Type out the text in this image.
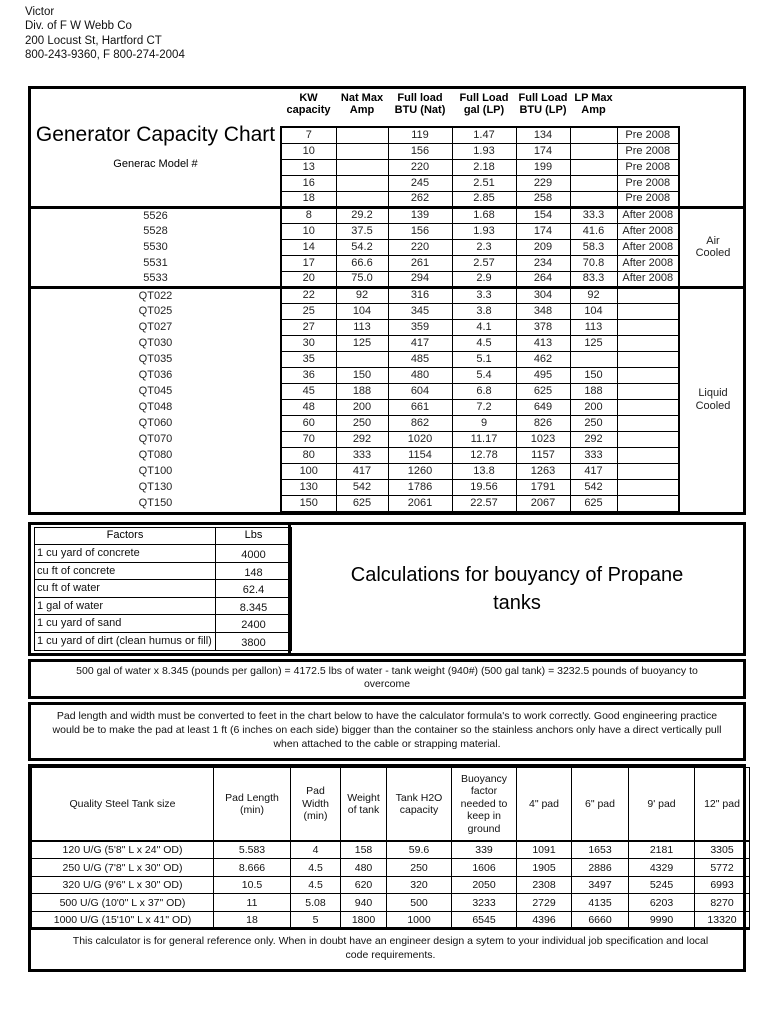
Victor
Div. of F W Webb Co
200 Locust St, Hartford CT
800-243-9360, F 800-274-2004
Generator Capacity Chart
Generac Model #	KW capacity	Nat Max Amp	Full load BTU (Nat)	Full Load gal (LP)	Full Load BTU (LP)	LP Max Amp		
	7		119	1.47	134		Pre 2008	
	10		156	1.93	174		Pre 2008	
	13		220	2.18	199		Pre 2008	
	16		245	2.51	229		Pre 2008	
	18		262	2.85	258		Pre 2008	
5526	8	29.2	139	1.68	154	33.3	After 2008	Air Cooled
5528	10	37.5	156	1.93	174	41.6	After 2008	
5530	14	54.2	220	2.3	209	58.3	After 2008	
5531	17	66.6	261	2.57	234	70.8	After 2008	
5533	20	75.0	294	2.9	264	83.3	After 2008	
QT022	22	92	316	3.3	304	92		Liquid Cooled
QT025	25	104	345	3.8	348	104		
QT027	27	113	359	4.1	378	113		
QT030	30	125	417	4.5	413	125		
QT035	35		485	5.1	462			
QT036	36	150	480	5.4	495	150		
QT045	45	188	604	6.8	625	188		
QT048	48	200	661	7.2	649	200		
QT060	60	250	862	9	826	250		
QT070	70	292	1020	11.17	1023	292		
QT080	80	333	1154	12.78	1157	333		
QT100	100	417	1260	13.8	1263	417		
QT130	130	542	1786	19.56	1791	542		
QT150	150	625	2061	22.57	2067	625		
Factors	Lbs
1 cu yard of concrete	4000
cu ft of concrete	148
cu ft of water	62.4
1 gal of water	8.345
1 cu yard of sand	2400
1 cu yard of dirt (clean humus or fill)	3800
Calculations for bouyancy of Propane tanks
500 gal of water x 8.345 (pounds per gallon) = 4172.5 lbs of water - tank weight (940#) (500 gal tank) = 3232.5 pounds of buoyancy to overcome
Pad length and width must be converted to feet in the chart below to have the calculator formula's to work correctly. Good engineering practice would be to make the pad at least 1 ft (6 inches on each side) bigger than the container so the stainless anchors only have a direct vertically pull when attached to the cable or strapping material.
Quality Steel Tank size	Pad Length (min)	Pad Width (min)	Weight of tank	Tank H2O capacity	Buoyancy factor needed to keep in ground	4" pad	6" pad	9' pad	12" pad
120 U/G (5'8" L x 24" OD)	5.583	4	158	59.6	339	1091	1653	2181	3305
250 U/G (7'8" L x 30" OD)	8.666	4.5	480	250	1606	1905	2886	4329	5772
320 U/G (9'6" L x 30" OD)	10.5	4.5	620	320	2050	2308	3497	5245	6993
500 U/G (10'0" L x 37" OD)	11	5.08	940	500	3233	2729	4135	6203	8270
1000 U/G (15'10" L x 41" OD)	18	5	1800	1000	6545	4396	6660	9990	13320
This calculator is for general reference only. When in doubt have an engineer design a sytem to your individual job specification and local code requirements.									
